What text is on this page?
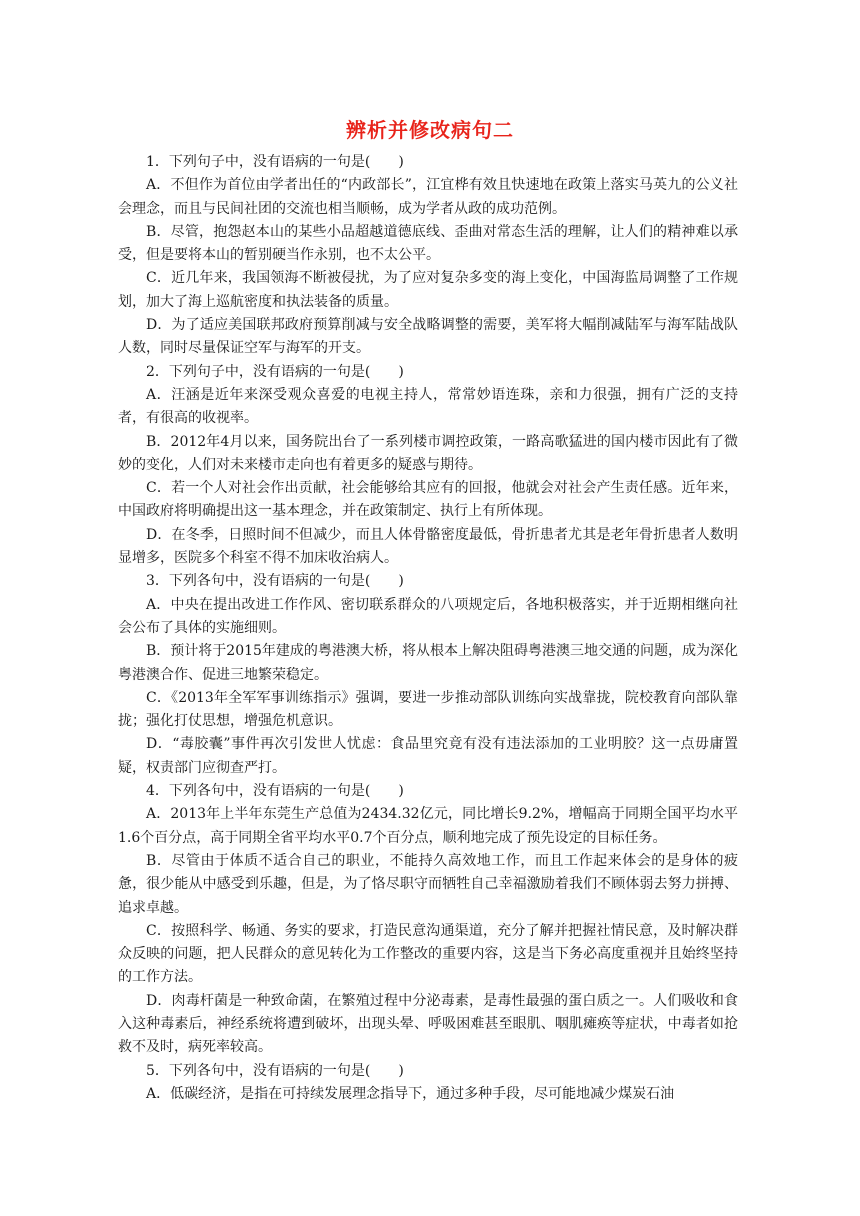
辨析并修改病句二

1．下列句子中，没有语病的一句是(　　)

A．不但作为首位由学者出任的“内政部长”，江宜桦有效且快速地在政策上落实马英九的公义社会理念，而且与民间社团的交流也相当顺畅，成为学者从政的成功范例。

B．尽管，抱怨赵本山的某些小品超越道德底线、歪曲对常态生活的理解，让人们的精神难以承受，但是要将本山的暂别硬当作永别，也不太公平。

C．近几年来，我国领海不断被侵扰，为了应对复杂多变的海上变化，中国海监局调整了工作规划，加大了海上巡航密度和执法装备的质量。

D．为了适应美国联邦政府预算削减与安全战略调整的需要，美军将大幅削减陆军与海军陆战队人数，同时尽量保证空军与海军的开支。

2．下列句子中，没有语病的一句是(　　)

A．汪涵是近年来深受观众喜爱的电视主持人，常常妙语连珠，亲和力很强，拥有广泛的支持者，有很高的收视率。

B．2012年4月以来，国务院出台了一系列楼市调控政策，一路高歌猛进的国内楼市因此有了微妙的变化，人们对未来楼市走向也有着更多的疑惑与期待。

C．若一个人对社会作出贡献，社会能够给其应有的回报，他就会对社会产生责任感。近年来，中国政府将明确提出这一基本理念，并在政策制定、执行上有所体现。

D．在冬季，日照时间不但减少，而且人体骨骼密度最低，骨折患者尤其是老年骨折患者人数明显增多，医院多个科室不得不加床收治病人。

3．下列各句中，没有语病的一句是(　　)

A．中央在提出改进工作作风、密切联系群众的八项规定后，各地积极落实，并于近期相继向社会公布了具体的实施细则。

B．预计将于2015年建成的粤港澳大桥，将从根本上解决阻碍粤港澳三地交通的问题，成为深化粤港澳合作、促进三地繁荣稳定。

C．《2013年全军军事训练指示》强调，要进一步推动部队训练向实战靠拢，院校教育向部队靠拢；强化打仗思想，增强危机意识。

D．“毒胶囊”事件再次引发世人忧虑：食品里究竟有没有违法添加的工业明胶？这一点毋庸置疑，权责部门应彻查严打。

4．下列各句中，没有语病的一句是(　　)

A．2013年上半年东莞生产总值为2434.32亿元，同比增长9.2%，增幅高于同期全国平均水平1.6个百分点，高于同期全省平均水平0.7个百分点，顺利地完成了预先设定的目标任务。

B．尽管由于体质不适合自己的职业，不能持久高效地工作，而且工作起来体会的是身体的疲惫，很少能从中感受到乐趣，但是，为了恪尽职守而牺牲自己幸福激励着我们不顾体弱去努力拼搏、追求卓越。

C．按照科学、畅通、务实的要求，打造民意沟通渠道，充分了解并把握社情民意，及时解决群众反映的问题，把人民群众的意见转化为工作整改的重要内容，这是当下务必高度重视并且始终坚持的工作方法。

D．肉毒杆菌是一种致命菌，在繁殖过程中分泌毒素，是毒性最强的蛋白质之一。人们吸收和食入这种毒素后，神经系统将遭到破坏，出现头晕、呼吸困难甚至眼肌、咽肌瘫痪等症状，中毒者如抢救不及时，病死率较高。

5．下列各句中，没有语病的一句是(　　)

A．低碳经济，是指在可持续发展理念指导下，通过多种手段，尽可能地减少煤炭石油
